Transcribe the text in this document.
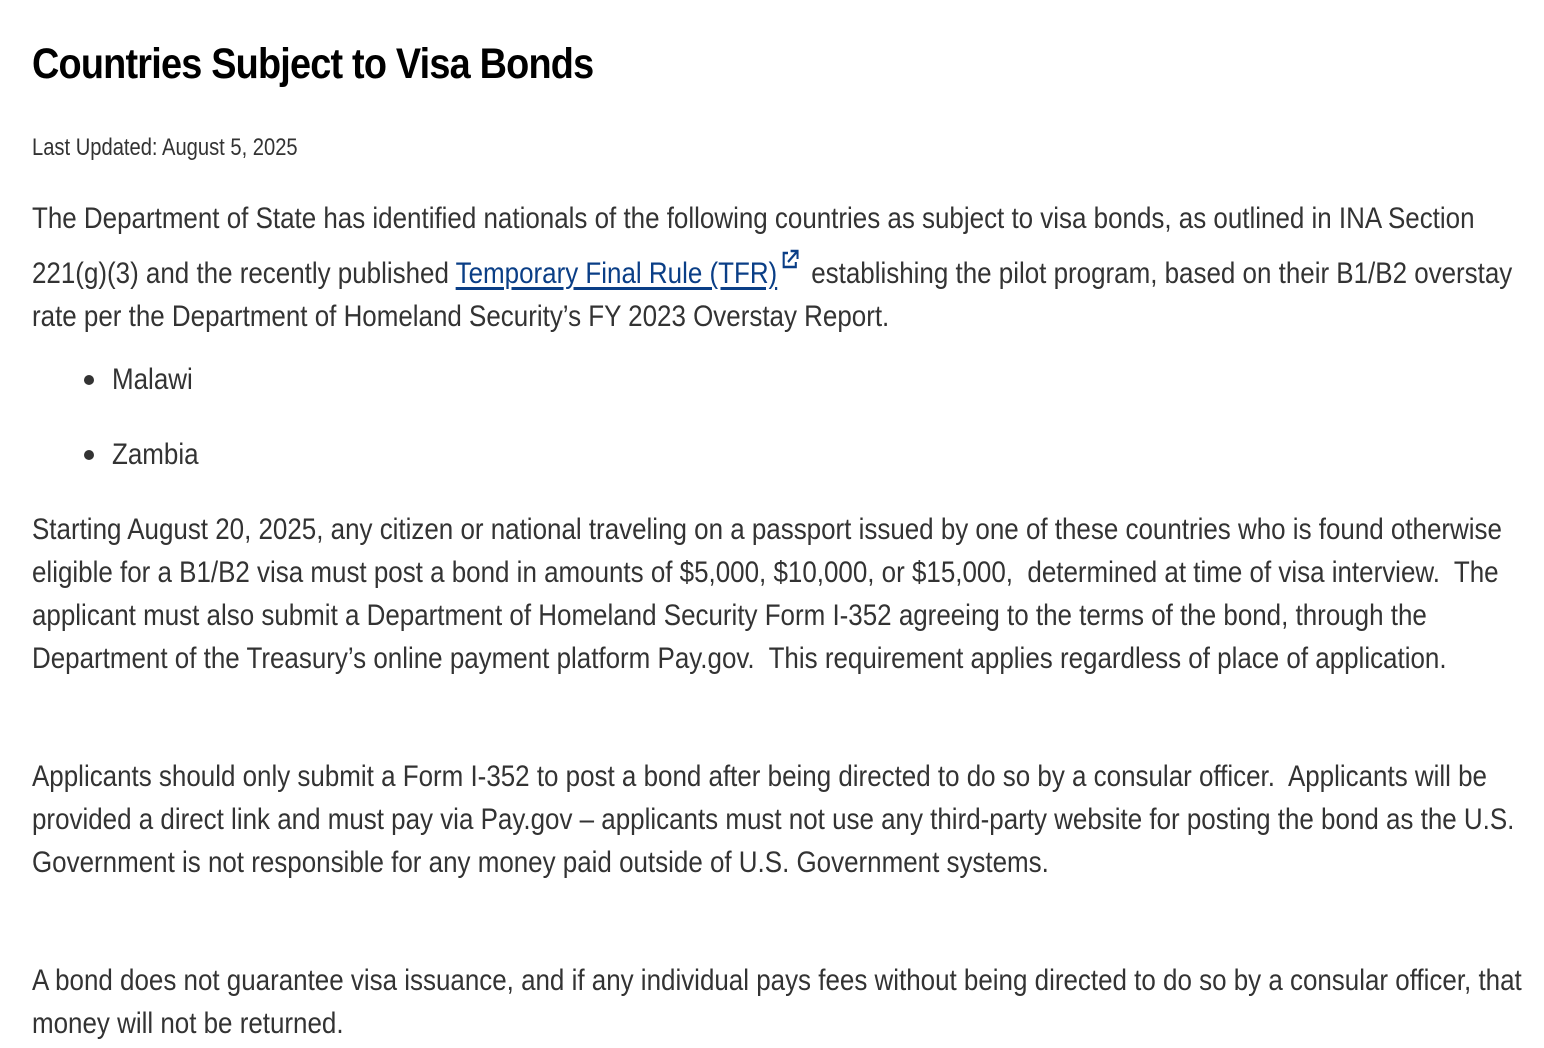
Countries Subject to Visa Bonds
Last Updated: August 5, 2025

The Department of State has identified nationals of the following countries as subject to visa bonds, as outlined in INA Section 221(g)(3) and the recently published Temporary Final Rule (TFR) establishing the pilot program, based on their B1/B2 overstay rate per the Department of Homeland Security’s FY 2023 Overstay Report.

Malawi
Zambia

Starting August 20, 2025, any citizen or national traveling on a passport issued by one of these countries who is found otherwise eligible for a B1/B2 visa must post a bond in amounts of $5,000, $10,000, or $15,000,  determined at time of visa interview.  The applicant must also submit a Department of Homeland Security Form I-352 agreeing to the terms of the bond, through the Department of the Treasury’s online payment platform Pay.gov.  This requirement applies regardless of place of application.

Applicants should only submit a Form I-352 to post a bond after being directed to do so by a consular officer.  Applicants will be provided a direct link and must pay via Pay.gov – applicants must not use any third-party website for posting the bond as the U.S. Government is not responsible for any money paid outside of U.S. Government systems.

A bond does not guarantee visa issuance, and if any individual pays fees without being directed to do so by a consular officer, that money will not be returned.
